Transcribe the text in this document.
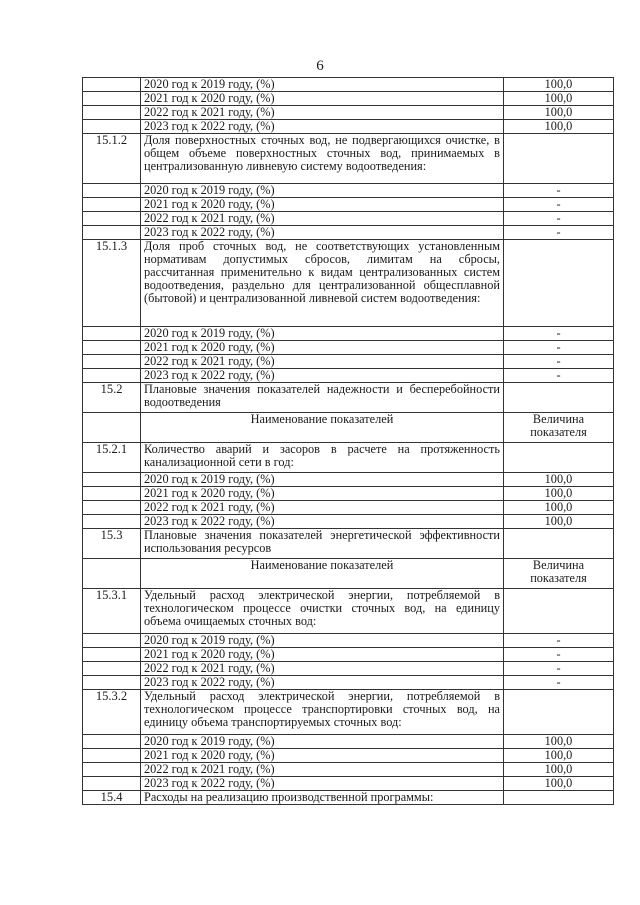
6
	2020 год к 2019 году, (%)	100,0
	2021 год к 2020 году, (%)	100,0
	2022 год к 2021 году, (%)	100,0
	2023 год к 2022 году, (%)	100,0
15.1.2	Доля поверхностных сточных вод, не подвергающихся очистке, в общем объеме поверхностных сточных вод, принимаемых в централизованную ливневую систему водоотведения:	
	2020 год к 2019 году, (%)	-
	2021 год к 2020 году, (%)	-
	2022 год к 2021 году, (%)	-
	2023 год к 2022 году, (%)	-
15.1.3	Доля проб сточных вод, не соответствующих установленным нормативам допустимых сбросов, лимитам на сбросы, рассчитанная применительно к видам централизованных систем водоотведения, раздельно для централизованной общесплавной (бытовой) и централизованной ливневой систем водоотведения:	
	2020 год к 2019 году, (%)	-
	2021 год к 2020 году, (%)	-
	2022 год к 2021 году, (%)	-
	2023 год к 2022 году, (%)	-
15.2	Плановые значения показателей надежности и бесперебойности водоотведения	
	Наименование показателей	Величина показателя
15.2.1	Количество аварий и засоров в расчете на протяженность канализационной сети в год:	
	2020 год к 2019 году, (%)	100,0
	2021 год к 2020 году, (%)	100,0
	2022 год к 2021 году, (%)	100,0
	2023 год к 2022 году, (%)	100,0
15.3	Плановые значения показателей энергетической эффективности использования ресурсов	
	Наименование показателей	Величина показателя
15.3.1	Удельный расход электрической энергии, потребляемой в технологическом процессе очистки сточных вод, на единицу объема очищаемых сточных вод:	
	2020 год к 2019 году, (%)	-
	2021 год к 2020 году, (%)	-
	2022 год к 2021 году, (%)	-
	2023 год к 2022 году, (%)	-
15.3.2	Удельный расход электрической энергии, потребляемой в технологическом процессе транспортировки сточных вод, на единицу объема транспортируемых сточных вод:	
	2020 год к 2019 году, (%)	100,0
	2021 год к 2020 году, (%)	100,0
	2022 год к 2021 году, (%)	100,0
	2023 год к 2022 году, (%)	100,0
15.4	Расходы на реализацию производственной программы:	
